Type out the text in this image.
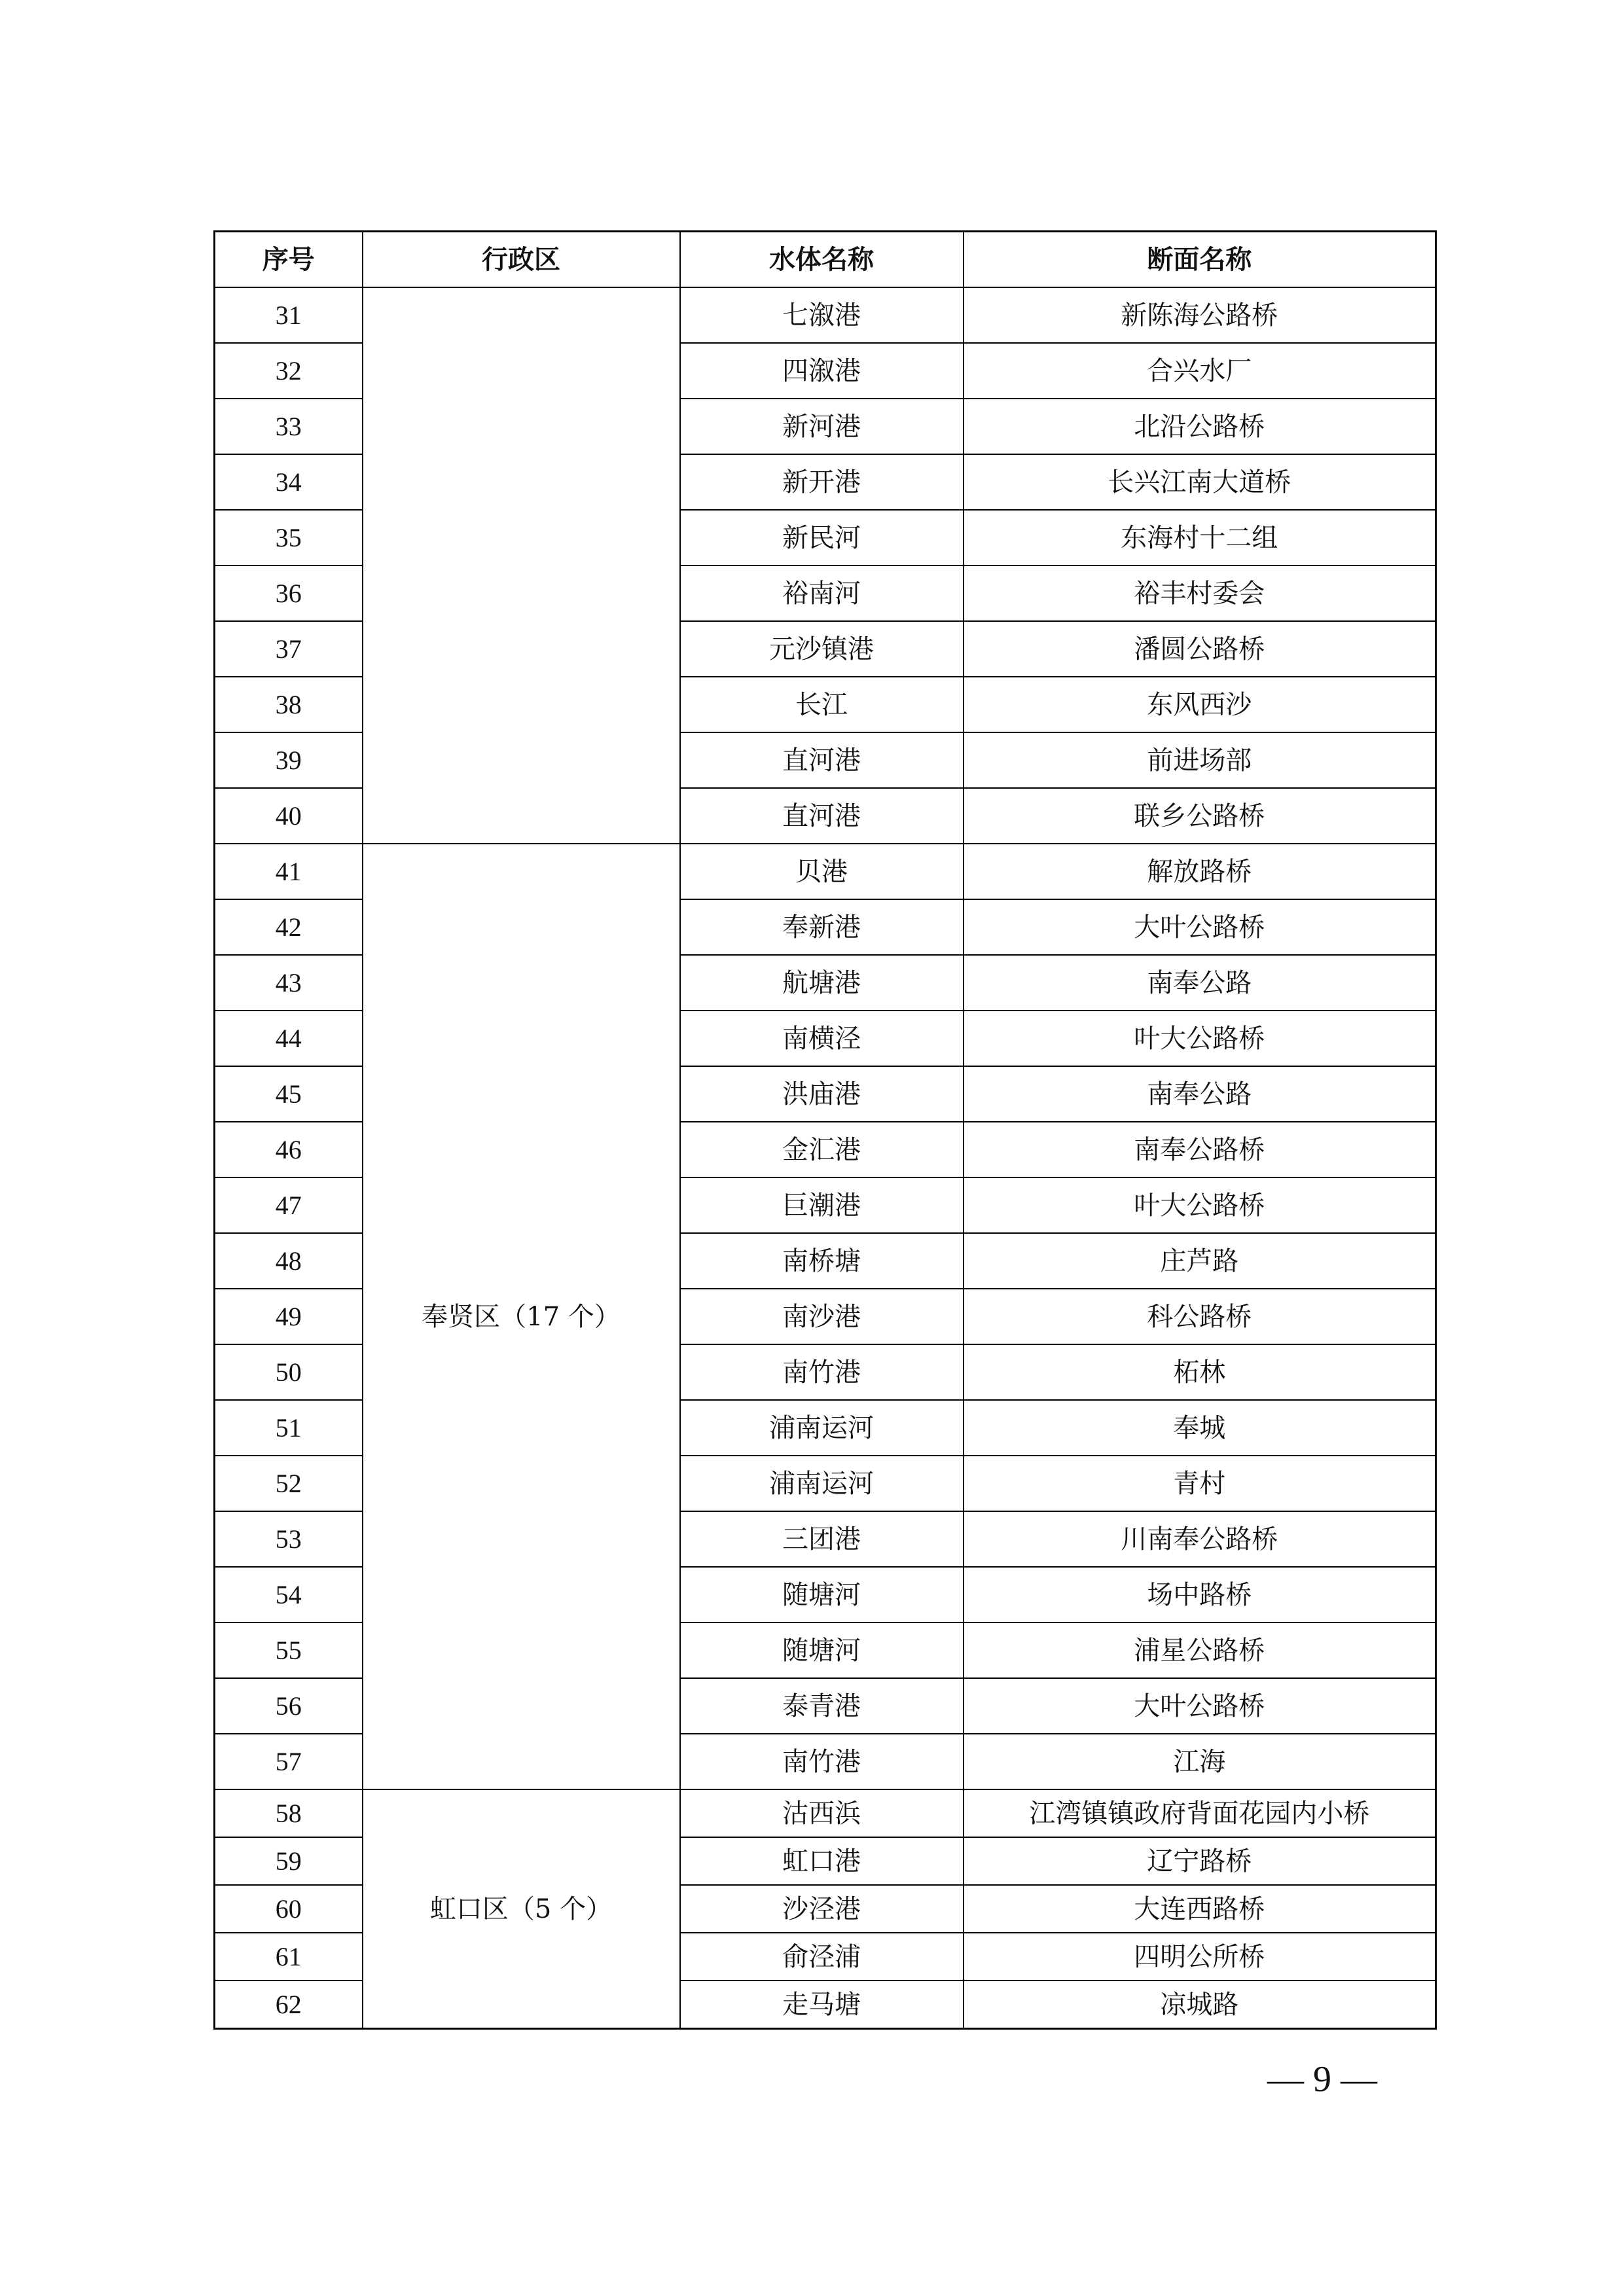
序号	行政区	水体名称	断面名称
31		七溆港	新陈海公路桥
32		四溆港	合兴水厂
33		新河港	北沿公路桥
34		新开港	长兴江南大道桥
35		新民河	东海村十二组
36		裕南河	裕丰村委会
37		元沙镇港	潘圆公路桥
38		长江	东风西沙
39		直河港	前进场部
40		直河港	联乡公路桥
41	奉贤区（17 个）	贝港	解放路桥
42		奉新港	大叶公路桥
43		航塘港	南奉公路
44		南横泾	叶大公路桥
45		洪庙港	南奉公路
46		金汇港	南奉公路桥
47		巨潮港	叶大公路桥
48		南桥塘	庄芦路
49		南沙港	科公路桥
50		南竹港	柘林
51		浦南运河	奉城
52		浦南运河	青村
53		三团港	川南奉公路桥
54		随塘河	场中路桥
55		随塘河	浦星公路桥
56		泰青港	大叶公路桥
57		南竹港	江海
58	虹口区（5 个）	沽西浜	江湾镇镇政府背面花园内小桥
59		虹口港	辽宁路桥
60		沙泾港	大连西路桥
61		俞泾浦	四明公所桥
62		走马塘	凉城路
— 9 —
